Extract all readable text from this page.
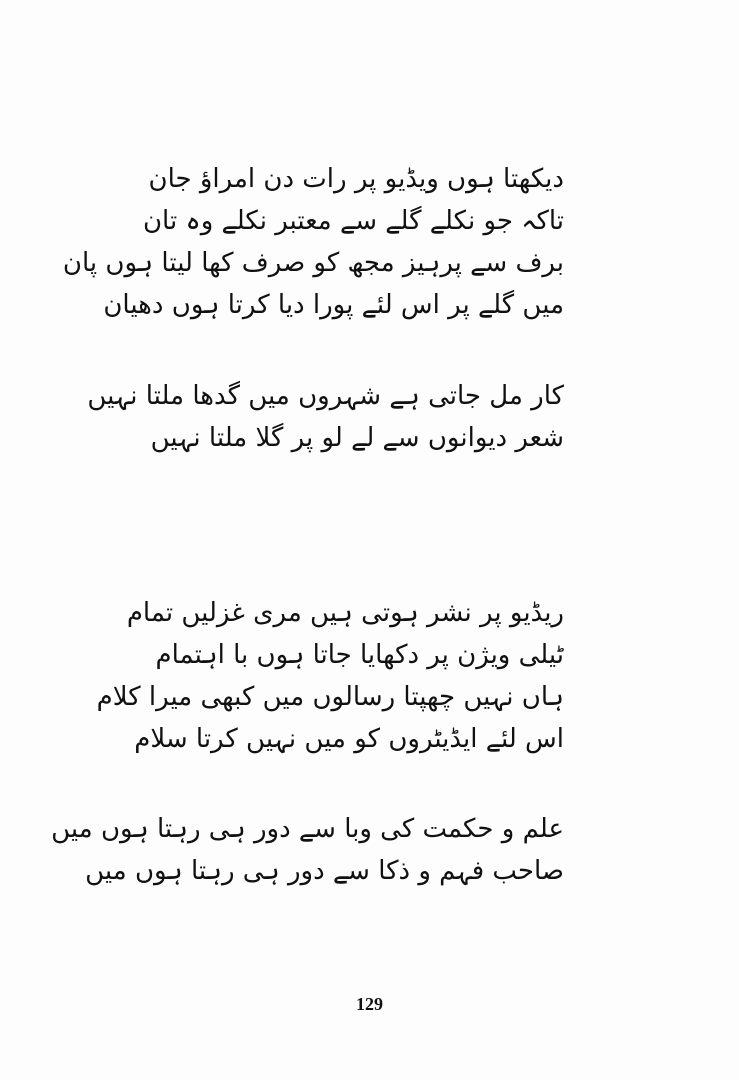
دیکھتا ہوں ویڈیو پر رات دن امراؤ جان
تاکہ جو نکلے گلے سے معتبر نکلے وہ تان
برف سے پرہیز مجھ کو صرف کھا لیتا ہوں پان
میں گلے پر اس لئے پورا دیا کرتا ہوں دھیان
کار مل جاتی ہے شہروں میں گدھا ملتا نہیں
شعر دیوانوں سے لے لو پر گلا ملتا نہیں
ریڈیو پر نشر ہوتی ہیں مری غزلیں تمام
ٹیلی ویژن پر دکھایا جاتا ہوں با اہتمام
ہاں نہیں چھپتا رسالوں میں کبھی میرا کلام
اس لئے ایڈیٹروں کو میں نہیں کرتا سلام
علم و حکمت کی وبا سے دور ہی رہتا ہوں میں
صاحب فہم و ذکا سے دور ہی رہتا ہوں میں
129
